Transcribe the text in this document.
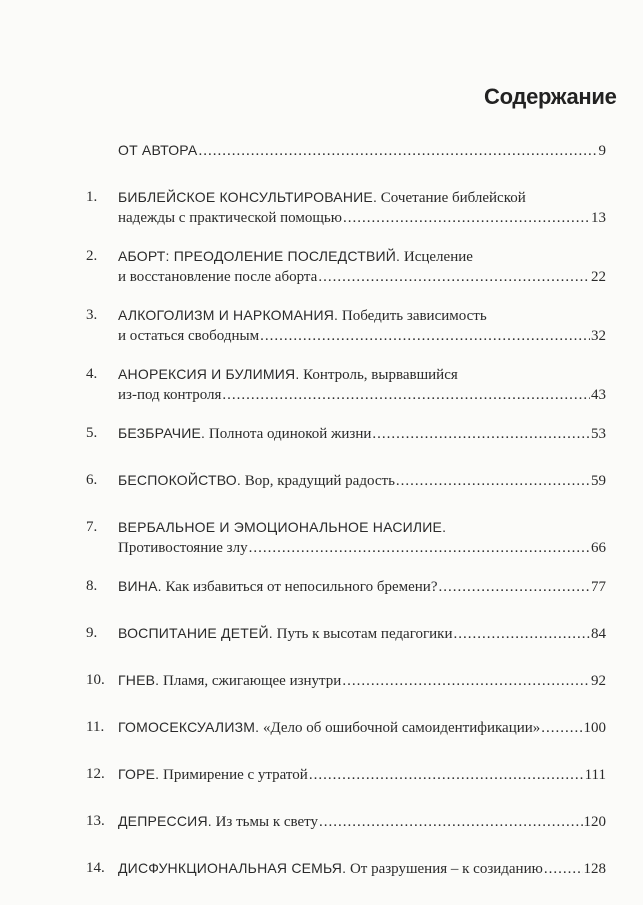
Содержание
ОТ АВТОРА .....	9
1.	БИБЛЕЙСКОЕ КОНСУЛЬТИРОВАНИЕ. Сочетание библейской
надежды с практической помощью .....	13
2.	АБОРТ: ПРЕОДОЛЕНИЕ ПОСЛЕДСТВИЙ. Исцеление
и восстановление после аборта .....	22
3.	АЛКОГОЛИЗМ И НАРКОМАНИЯ. Победить зависимость
и остаться свободным .....	32
4.	АНОРЕКСИЯ И БУЛИМИЯ. Контроль, вырвавшийся
из-под контроля .....	43
5.	БЕЗБРАЧИЕ. Полнота одинокой жизни .....	53
6.	БЕСПОКОЙСТВО. Вор, крадущий радость .....	59
7.	ВЕРБАЛЬНОЕ И ЭМОЦИОНАЛЬНОЕ НАСИЛИЕ.
Противостояние злу .....	66
8.	ВИНА. Как избавиться от непосильного бремени? .....	77
9.	ВОСПИТАНИЕ ДЕТЕЙ. Путь к высотам педагогики .....	84
10. ГНЕВ. Пламя, сжигающее изнутри .....	92
11. ГОМОСЕКСУАЛИЗМ. «Дело об ошибочной самоидентификации» .....	100
12. ГОРЕ. Примирение с утратой .....	111
13. ДЕПРЕССИЯ. Из тьмы к свету .....	120
14. ДИСФУНКЦИОНАЛЬНАЯ СЕМЬЯ. От разрушения – к созиданию .....	128
